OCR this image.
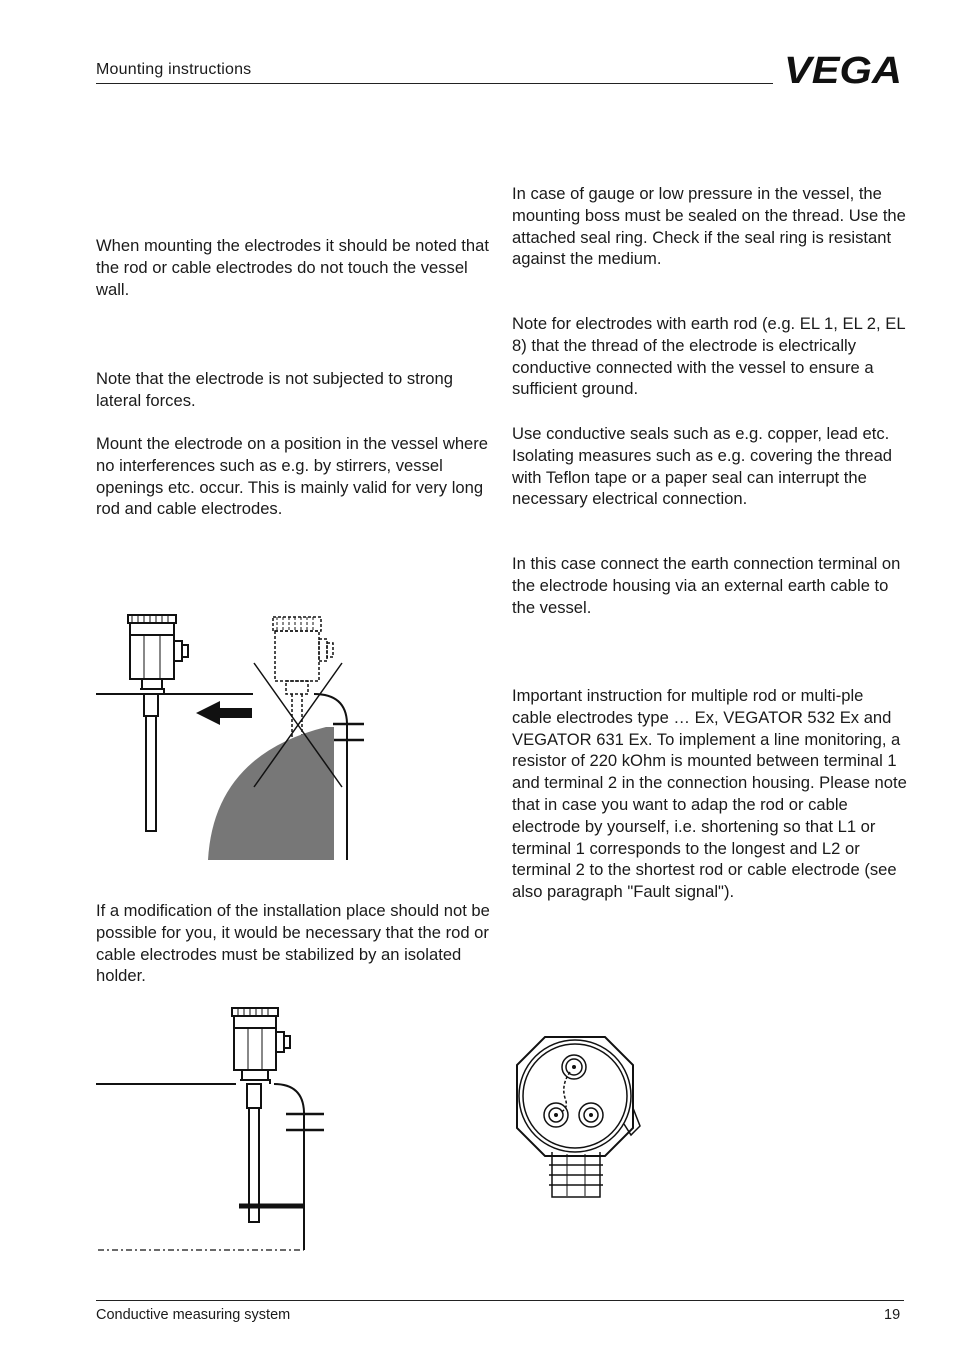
Mounting instructions	VEGA

When mounting the electrodes it should be noted that the rod or cable electrodes do not touch the vessel wall.

Note that the electrode is not subjected to strong lateral forces.

Mount the electrode on a position in the vessel where no interferences such as e.g. by stirrers, vessel openings etc. occur. This is mainly valid for very long rod and cable electrodes.

If a modification of the installation place should not be possible for you, it would be necessary that the rod or cable electrodes must be stabilized by an isolated holder.

In case of gauge or low pressure in the vessel, the mounting boss must be sealed on the thread. Use the attached seal ring. Check if the seal ring is resistant against the medium.

Note for electrodes with earth rod (e.g. EL 1, EL 2, EL 8) that the thread of the electrode is electrically conductive connected with the vessel to ensure a sufficient ground.

Use conductive seals such as e.g. copper, lead etc. Isolating measures such as e.g. covering the thread with Teflon tape or a paper seal can interrupt the necessary electrical connection.

In this case connect the earth connection terminal on the electrode housing via an external earth cable to the vessel.

Important instruction for multiple rod or multi-ple cable electrodes type … Ex, VEGATOR 532 Ex and VEGATOR 631 Ex. To implement a line monitoring, a resistor of 220 kOhm is mounted between terminal 1 and terminal 2 in the connection housing. Please note that in case you want to adap the rod or cable electrode by yourself, i.e. shortening so that L1 or terminal 1 corresponds to the longest and L2 or terminal 2 to the shortest rod or cable electrode (see also paragraph "Fault signal").

Conductive measuring system	19
